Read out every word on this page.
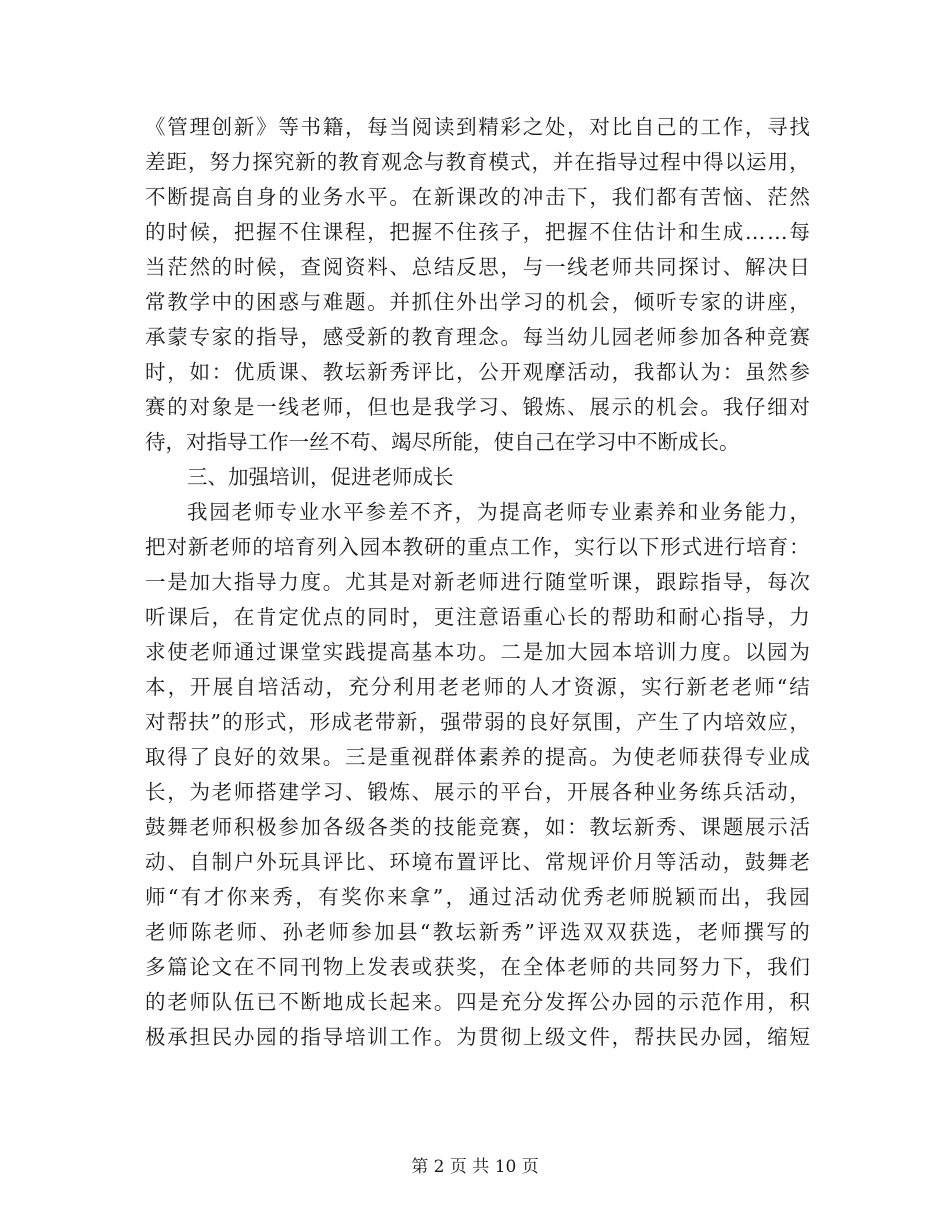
《 管 理 创 新 》 等 书 籍 ， 每 当 阅 读 到 精 彩 之 处 ， 对 比 自 己 的 工 作 ， 寻 找
差 距 ， 努 力 探 究 新 的 教 育 观 念 与 教 育 模 式 ， 并 在 指 导 过 程 中 得 以 运 用 ，
不 断 提 高 自 身 的 业 务 水 平 。 在 新 课 改 的 冲 击 下 ， 我 们 都 有 苦 恼 、 茫 然
的 时 候 ， 把 握 不 住 课 程 ， 把 握 不 住 孩 子 ， 把 握 不 住 估 计 和 生 成 … … 每
当 茫 然 的 时 候 ， 查 阅 资 料 、 总 结 反 思 ， 与 一 线 老 师 共 同 探 讨 、 解 决 日
常 教 学 中 的 困 惑 与 难 题 。 并 抓 住 外 出 学 习 的 机 会 ， 倾 听 专 家 的 讲 座 ，
承 蒙 专 家 的 指 导 ， 感 受 新 的 教 育 理 念 。 每 当 幼 儿 园 老 师 参 加 各 种 竞 赛
时 ， 如 ： 优 质 课 、 教 坛 新 秀 评 比 ， 公 开 观 摩 活 动 ， 我 都 认 为 ： 虽 然 参
赛 的 对 象 是 一 线 老 师 ， 但 也 是 我 学 习 、 锻 炼 、 展 示 的 机 会 。 我 仔 细 对
待，对指导工作一丝不苟、竭尽所能，使自己在学习中不断成长。
三、加强培训，促进老师成长
我 园 老 师 专 业 水 平 参 差 不 齐 ， 为 提 高 老 师 专 业 素 养 和 业 务 能 力 ，
把 对 新 老 师 的 培 育 列 入 园 本 教 研 的 重 点 工 作 ， 实 行 以 下 形 式 进 行 培 育 ：
一 是 加 大 指 导 力 度 。 尤 其 是 对 新 老 师 进 行 随 堂 听 课 ， 跟 踪 指 导 ， 每 次
听 课 后 ， 在 肯 定 优 点 的 同 时 ， 更 注 意 语 重 心 长 的 帮 助 和 耐 心 指 导 ， 力
求 使 老 师 通 过 课 堂 实 践 提 高 基 本 功 。 二 是 加 大 园 本 培 训 力 度 。 以 园 为
本 ， 开 展 自 培 活 动 ， 充 分 利 用 老 老 师 的 人 才 资 源 ， 实 行 新 老 老 师 “ 结
对 帮 扶 ” 的 形 式 ， 形 成 老 带 新 ， 强 带 弱 的 良 好 氛 围 ， 产 生 了 内 培 效 应 ，
取 得 了 良 好 的 效 果 。 三 是 重 视 群 体 素 养 的 提 高 。 为 使 老 师 获 得 专 业 成
长 ， 为 老 师 搭 建 学 习 、 锻 炼 、 展 示 的 平 台 ， 开 展 各 种 业 务 练 兵 活 动 ，
鼓 舞 老 师 积 极 参 加 各 级 各 类 的 技 能 竞 赛 ， 如 ： 教 坛 新 秀 、 课 题 展 示 活
动 、 自 制 户 外 玩 具 评 比 、 环 境 布 置 评 比 、 常 规 评 价 月 等 活 动 ， 鼓 舞 老
师 “ 有 才 你 来 秀 ， 有 奖 你 来 拿 ” ， 通 过 活 动 优 秀 老 师 脱 颖 而 出 ， 我 园
老 师 陈 老 师 、 孙 老 师 参 加 县 “ 教 坛 新 秀 ” 评 选 双 双 获 选 ， 老 师 撰 写 的
多 篇 论 文 在 不 同 刊 物 上 发 表 或 获 奖 ， 在 全 体 老 师 的 共 同 努 力 下 ， 我 们
的 老 师 队 伍 已 不 断 地 成 长 起 来 。 四 是 充 分 发 挥 公 办 园 的 示 范 作 用 ， 积
极 承 担 民 办 园 的 指 导 培 训 工 作 。 为 贯 彻 上 级 文 件 ， 帮 扶 民 办 园 ， 缩 短
第 2 页 共 10 页
